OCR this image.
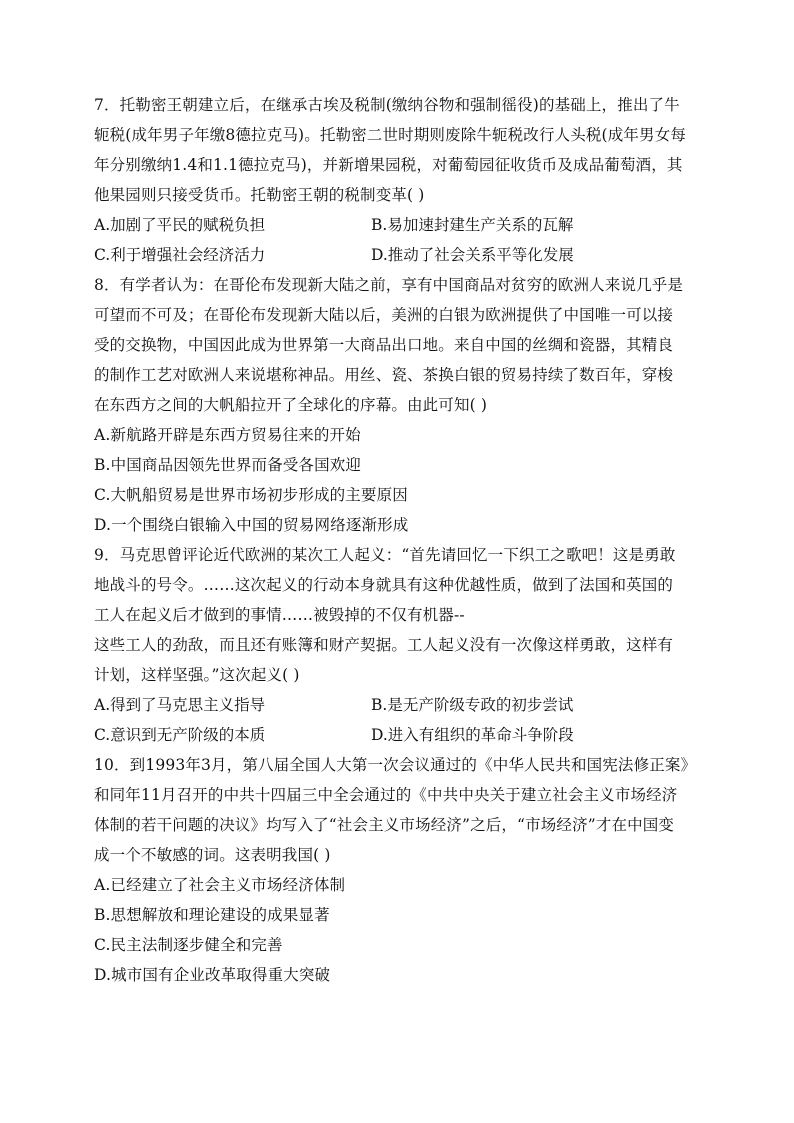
7．托勒密王朝建立后，在继承古埃及税制(缴纳谷物和强制徭役)的基础上，推出了牛
轭税(成年男子年缴8德拉克马)。托勒密二世时期则废除牛轭税改行人头税(成年男女每
年分别缴纳1.4和1.1德拉克马)，并新增果园税，对葡萄园征收货币及成品葡萄酒，其
他果园则只接受货币。托勒密王朝的税制变革( )
A.加剧了平民的赋税负担	B.易加速封建生产关系的瓦解
C.利于增强社会经济活力	D.推动了社会关系平等化发展
8．有学者认为：在哥伦布发现新大陆之前，享有中国商品对贫穷的欧洲人来说几乎是
可望而不可及；在哥伦布发现新大陆以后，美洲的白银为欧洲提供了中国唯一可以接
受的交换物，中国因此成为世界第一大商品出口地。来自中国的丝绸和瓷器，其精良
的制作工艺对欧洲人来说堪称神品。用丝、瓷、茶换白银的贸易持续了数百年，穿梭
在东西方之间的大帆船拉开了全球化的序幕。由此可知( )
A.新航路开辟是东西方贸易往来的开始
B.中国商品因领先世界而备受各国欢迎
C.大帆船贸易是世界市场初步形成的主要原因
D.一个围绕白银输入中国的贸易网络逐渐形成
9．马克思曾评论近代欧洲的某次工人起义：“首先请回忆一下织工之歌吧！这是勇敢
地战斗的号令。……这次起义的行动本身就具有这种优越性质，做到了法国和英国的
工人在起义后才做到的事情……被毁掉的不仅有机器--
这些工人的劲敌，而且还有账簿和财产契据。工人起义没有一次像这样勇敢，这样有
计划，这样坚强。”这次起义( )
A.得到了马克思主义指导	B.是无产阶级专政的初步尝试
C.意识到无产阶级的本质	D.进入有组织的革命斗争阶段
10．到1993年3月，第八届全国人大第一次会议通过的《中华人民共和国宪法修正案》
和同年11月召开的中共十四届三中全会通过的《中共中央关于建立社会主义市场经济
体制的若干问题的决议》均写入了“社会主义市场经济”之后，“市场经济”才在中国变
成一个不敏感的词。这表明我国( )
A.已经建立了社会主义市场经济体制
B.思想解放和理论建设的成果显著
C.民主法制逐步健全和完善
D.城市国有企业改革取得重大突破
